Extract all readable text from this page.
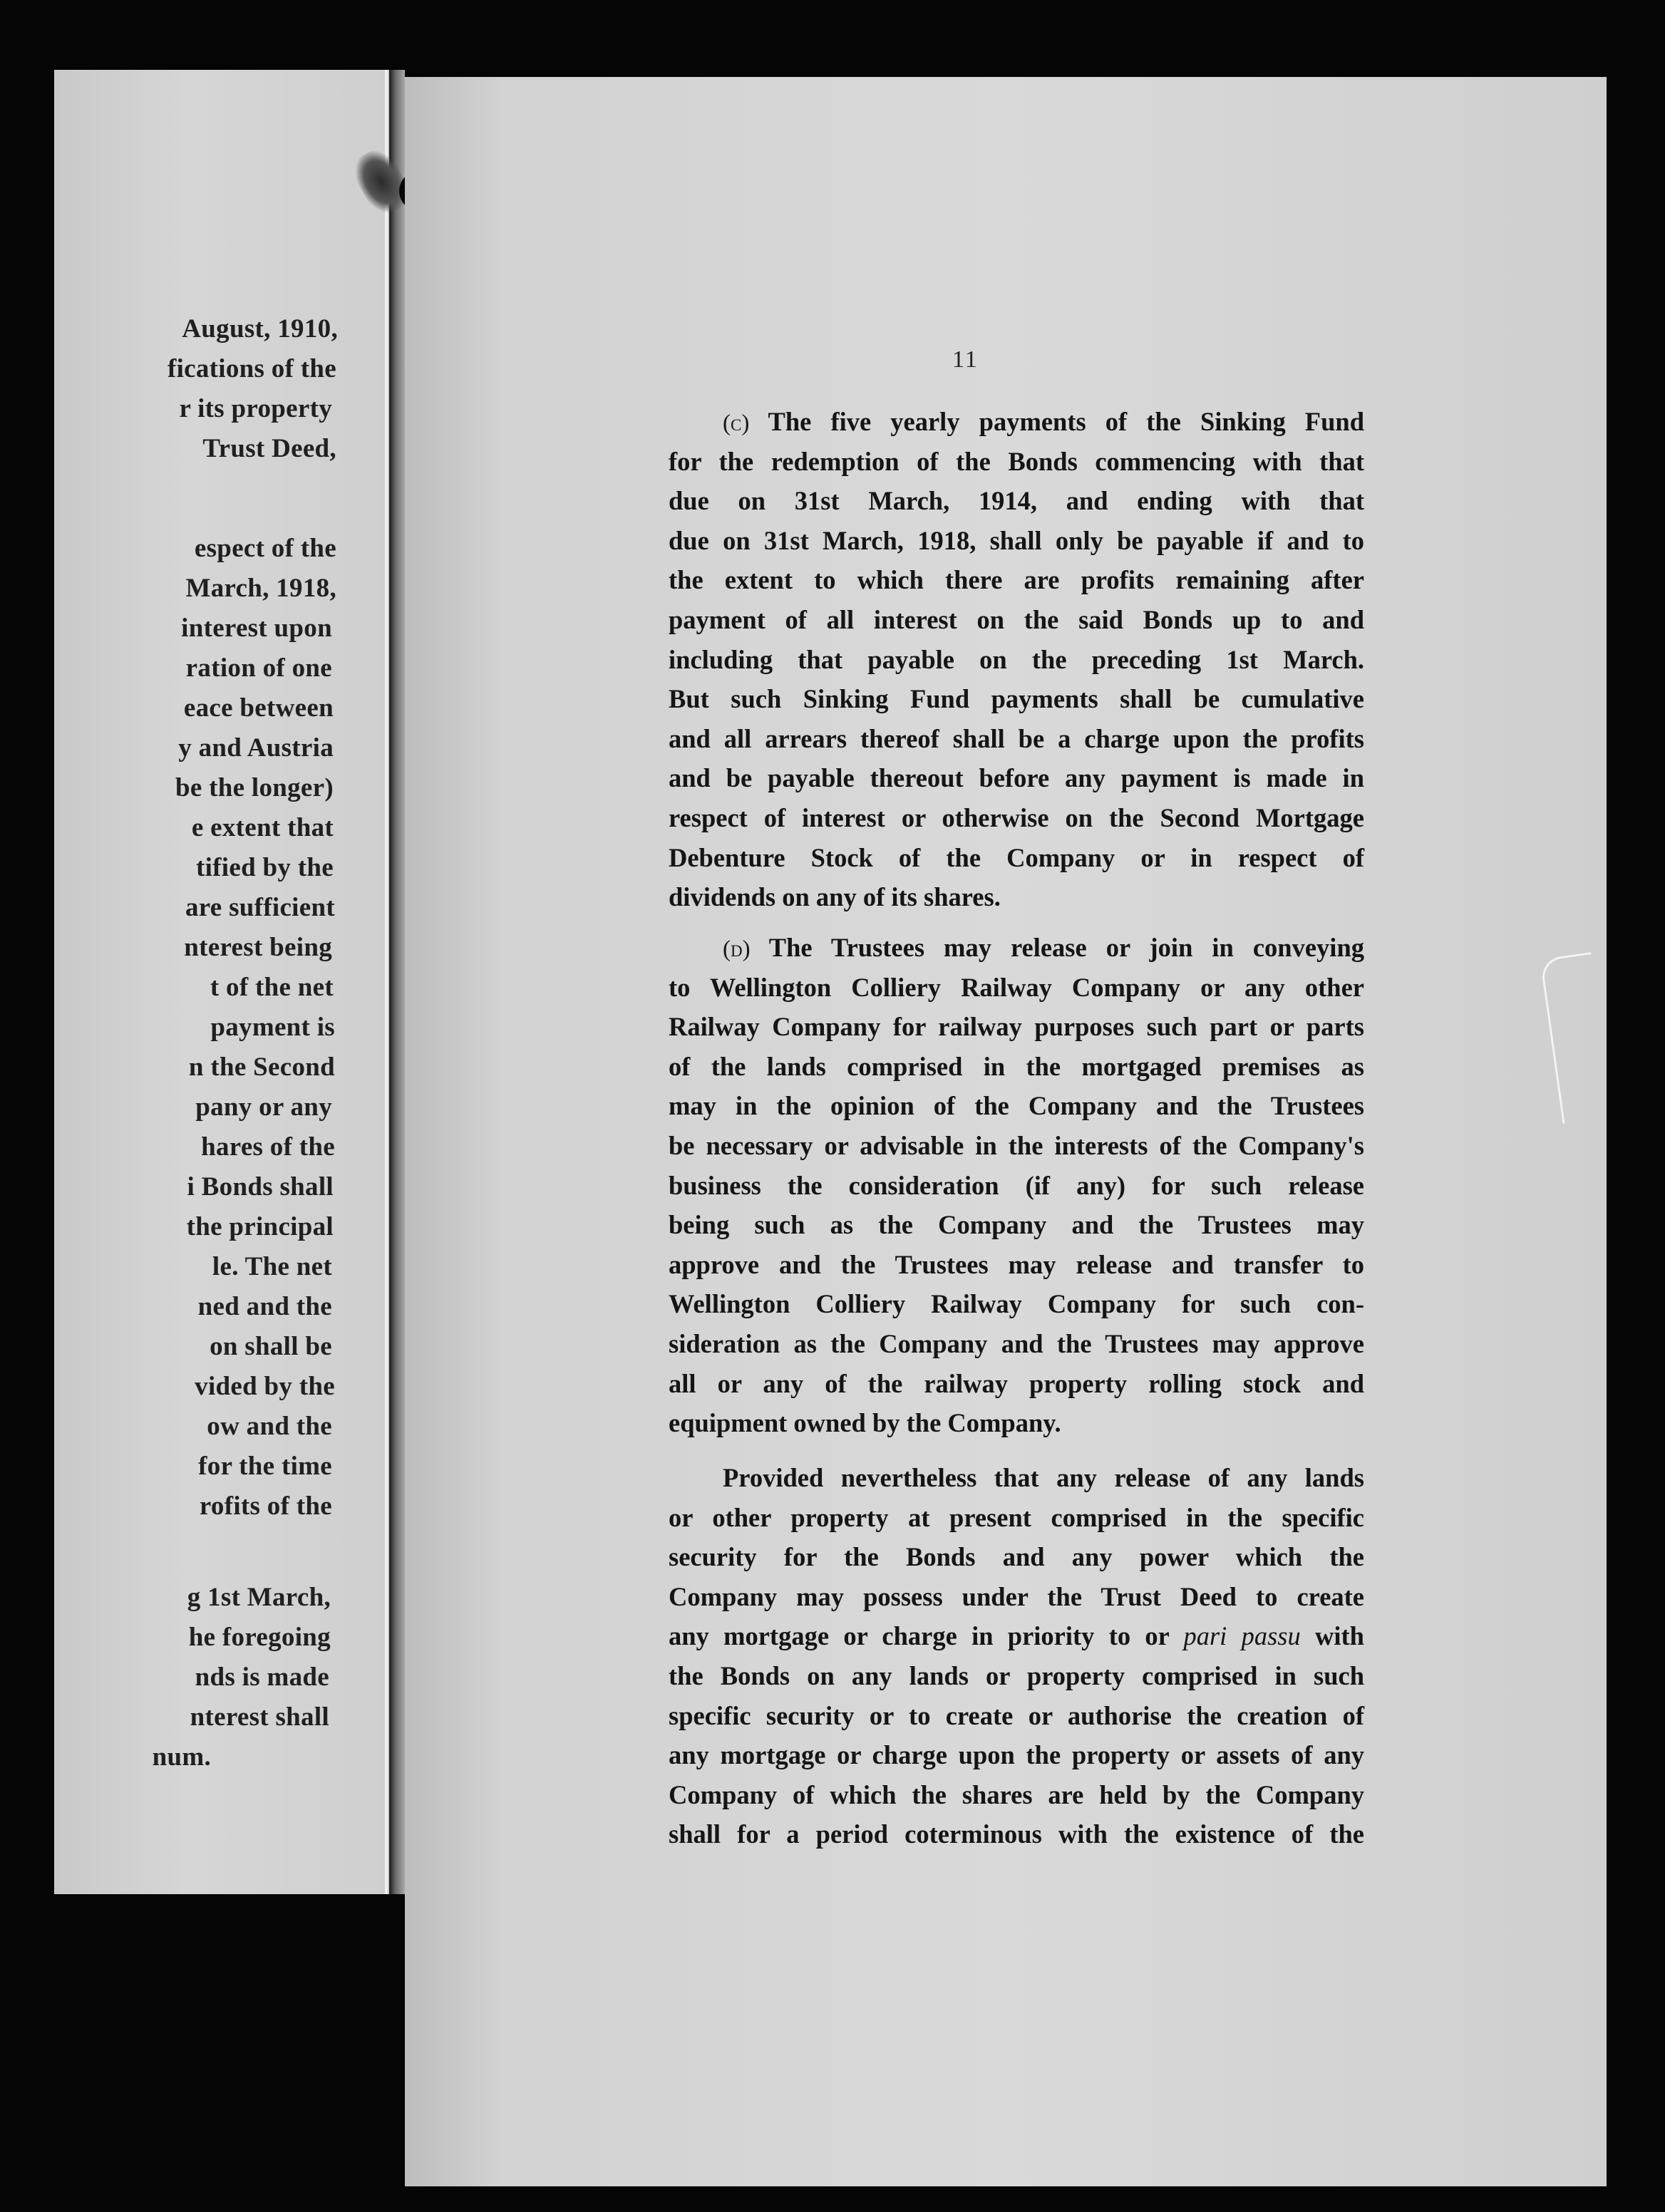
August, 1910,
fications of the
r its property
Trust Deed,
espect of the
March, 1918,
interest upon
ration of one
eace between
y and Austria
be the longer)
e extent that
tified by the
are sufficient
nterest being
t of the net
payment is
n the Second
pany or any
hares of the
i Bonds shall
the principal
le. The net
ned and the
on shall be
vided by the
ow and the
for the time
rofits of the
g 1st March,
he foregoing
nds is made
nterest shall
num.
11
(c) The five yearly payments of the Sinking Fund
for the redemption of the Bonds commencing with that
due on 31st March, 1914, and ending with that
due on 31st March, 1918, shall only be payable if and to
the extent to which there are profits remaining after
payment of all interest on the said Bonds up to and
including that payable on the preceding 1st March.
But such Sinking Fund payments shall be cumulative
and all arrears thereof shall be a charge upon the profits
and be payable thereout before any payment is made in
respect of interest or otherwise on the Second Mortgage
Debenture Stock of the Company or in respect of
dividends on any of its shares.
(d) The Trustees may release or join in conveying
to Wellington Colliery Railway Company or any other
Railway Company for railway purposes such part or parts
of the lands comprised in the mortgaged premises as
may in the opinion of the Company and the Trustees
be necessary or advisable in the interests of the Company's
business the consideration (if any) for such release
being such as the Company and the Trustees may
approve and the Trustees may release and transfer to
Wellington Colliery Railway Company for such con-
sideration as the Company and the Trustees may approve
all or any of the railway property rolling stock and
equipment owned by the Company.
Provided nevertheless that any release of any lands
or other property at present comprised in the specific
security for the Bonds and any power which the
Company may possess under the Trust Deed to create
any mortgage or charge in priority to or pari passu with
the Bonds on any lands or property comprised in such
specific security or to create or authorise the creation of
any mortgage or charge upon the property or assets of any
Company of which the shares are held by the Company
shall for a period coterminous with the existence of the
